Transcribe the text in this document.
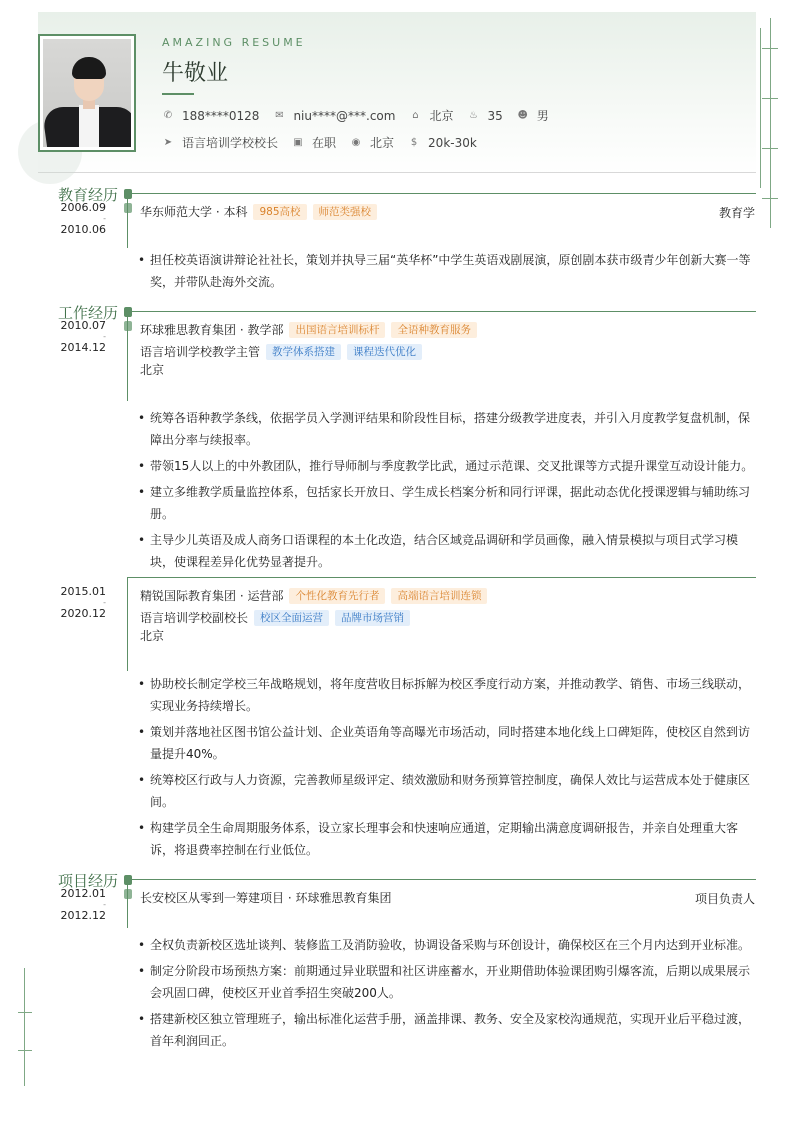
AMAZING RESUME
牛敬业
✆ 188****0128 ✉ niu****@***.com ⌂ 北京 ♨ 35 ☻ 男
➤ 语言培训学校校长 ▣ 在职 ◉ 北京 $ 20k-30k
教育经历
2006.09
-
2010.06
华东师范大学 · 本科	985高校	师范类强校	教育学
• 担任校英语演讲辩论社社长，策划并执导三届“英华杯”中学生英语戏剧展演，原创剧本获市级青少年创新大赛一等奖，并带队赴海外交流。
工作经历
2010.07
-
2014.12
环球雅思教育集团 · 教学部	出国语言培训标杆	全语种教育服务
语言培训学校教学主管	教学体系搭建	课程迭代优化
北京
• 统筹各语种教学条线，依据学员入学测评结果和阶段性目标，搭建分级教学进度表，并引入月度教学复盘机制，保障出分率与续报率。
• 带领15人以上的中外教团队，推行导师制与季度教学比武，通过示范课、交叉批课等方式提升课堂互动设计能力。
• 建立多维教学质量监控体系，包括家长开放日、学生成长档案分析和同行评课，据此动态优化授课逻辑与辅助练习册。
• 主导少儿英语及成人商务口语课程的本土化改造，结合区域竞品调研和学员画像，融入情景模拟与项目式学习模块，使课程差异化优势显著提升。
2015.01
-
2020.12
精锐国际教育集团 · 运营部	个性化教育先行者	高端语言培训连锁
语言培训学校副校长	校区全面运营	品牌市场营销
北京
• 协助校长制定学校三年战略规划，将年度营收目标拆解为校区季度行动方案，并推动教学、销售、市场三线联动，实现业务持续增长。
• 策划并落地社区图书馆公益计划、企业英语角等高曝光市场活动，同时搭建本地化线上口碑矩阵，使校区自然到访量提升40%。
• 统筹校区行政与人力资源，完善教师星级评定、绩效激励和财务预算管控制度，确保人效比与运营成本处于健康区间。
• 构建学员全生命周期服务体系，设立家长理事会和快速响应通道，定期输出满意度调研报告，并亲自处理重大客诉，将退费率控制在行业低位。
项目经历
2012.01
-
2012.12
长安校区从零到一筹建项目 · 环球雅思教育集团	项目负责人
• 全权负责新校区选址谈判、装修监工及消防验收，协调设备采购与环创设计，确保校区在三个月内达到开业标准。
• 制定分阶段市场预热方案：前期通过异业联盟和社区讲座蓄水，开业期借助体验课团购引爆客流，后期以成果展示会巩固口碑，使校区开业首季招生突破200人。
• 搭建新校区独立管理班子，输出标准化运营手册，涵盖排课、教务、安全及家校沟通规范，实现开业后平稳过渡，首年利润回正。
